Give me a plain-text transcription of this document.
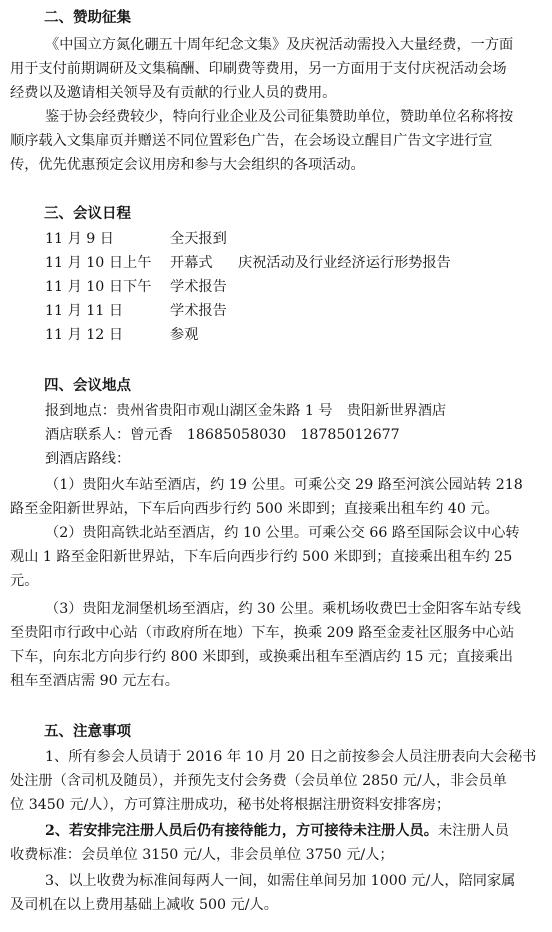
二、赞助征集
《中国立方氮化硼五十周年纪念文集》及庆祝活动需投入大量经费，一方面
用于支付前期调研及文集稿酬、印刷费等费用，另一方面用于支付庆祝活动会场
经费以及邀请相关领导及有贡献的行业人员的费用。
鉴于协会经费较少，特向行业企业及公司征集赞助单位，赞助单位名称将按
顺序载入文集扉页并赠送不同位置彩色广告，在会场设立醒目广告文字进行宣
传，优先优惠预定会议用房和参与大会组织的各项活动。
三、会议日程
11 月 9 日	全天报到
11 月 10 日上午 开幕式 庆祝活动及行业经济运行形势报告
11 月 10 日下午 学术报告
11 月 11 日	学术报告
11 月 12 日	参观
四、会议地点
报到地点：贵州省贵阳市观山湖区金朱路 1 号　贵阳新世界酒店
酒店联系人：曾元香　18685058030　18785012677
到酒店路线：
（1）贵阳火车站至酒店，约 19 公里。可乘公交 29 路至河滨公园站转 218
路至金阳新世界站，下车后向西步行约 500 米即到；直接乘出租车约 40 元。
（2）贵阳高铁北站至酒店，约 10 公里。可乘公交 66 路至国际会议中心转
观山 1 路至金阳新世界站，下车后向西步行约 500 米即到；直接乘出租车约 25
元。
（3）贵阳龙洞堡机场至酒店，约 30 公里。乘机场收费巴士金阳客车站专线
至贵阳市行政中心站（市政府所在地）下车，换乘 209 路至金麦社区服务中心站
下车，向东北方向步行约 800 米即到，或换乘出租车至酒店约 15 元；直接乘出
租车至酒店需 90 元左右。
五、注意事项
1、所有参会人员请于 2016 年 10 月 20 日之前按参会人员注册表向大会秘书
处注册（含司机及随员），并预先支付会务费（会员单位 2850 元/人，非会员单
位 3450 元/人），方可算注册成功，秘书处将根据注册资料安排客房；
2、若安排完注册人员后仍有接待能力，方可接待未注册人员。未注册人员
收费标准：会员单位 3150 元/人，非会员单位 3750 元/人；
3、以上收费为标准间每两人一间，如需住单间另加 1000 元/人，陪同家属
及司机在以上费用基础上减收 500 元/人。
